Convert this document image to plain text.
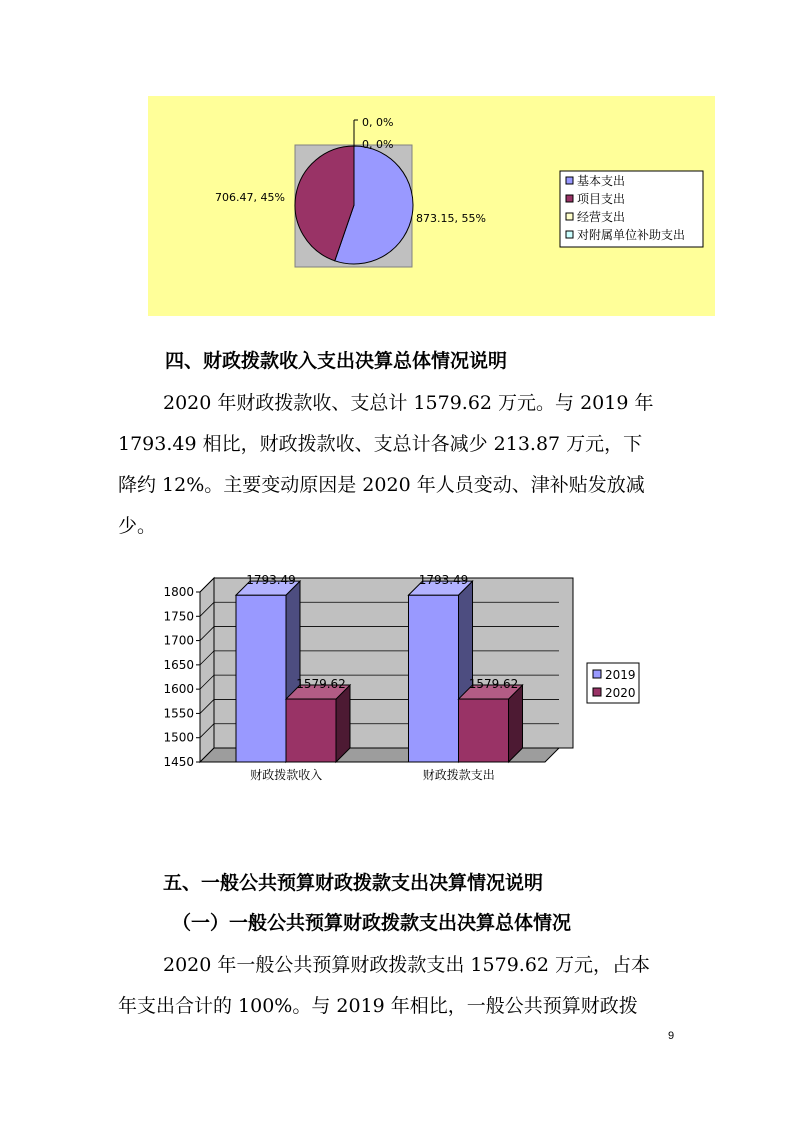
873.15, 55%
706.47, 45%
0, 0%
0, 0%
基本支出
项目支出
经营支出
对附属单位补助支出
四、财政拨款收入支出决算总体情况说明
2020 年财政拨款收、支总计 1579.62 万元。与 2019 年
1793.49 相比，财政拨款收、支总计各减少 213.87 万元，下
降约 12%。主要变动原因是 2020 年人员变动、津补贴发放减
少。
1450
1500
1550
1600
1650
1700
1750
1800
1793.49
1579.62
财政拨款收入
1793.49
1579.62
财政拨款支出
2019
2020
五、一般公共预算财政拨款支出决算情况说明
（一）一般公共预算财政拨款支出决算总体情况
2020 年一般公共预算财政拨款支出 1579.62 万元，占本
年支出合计的 100%。与 2019 年相比，一般公共预算财政拨
9
